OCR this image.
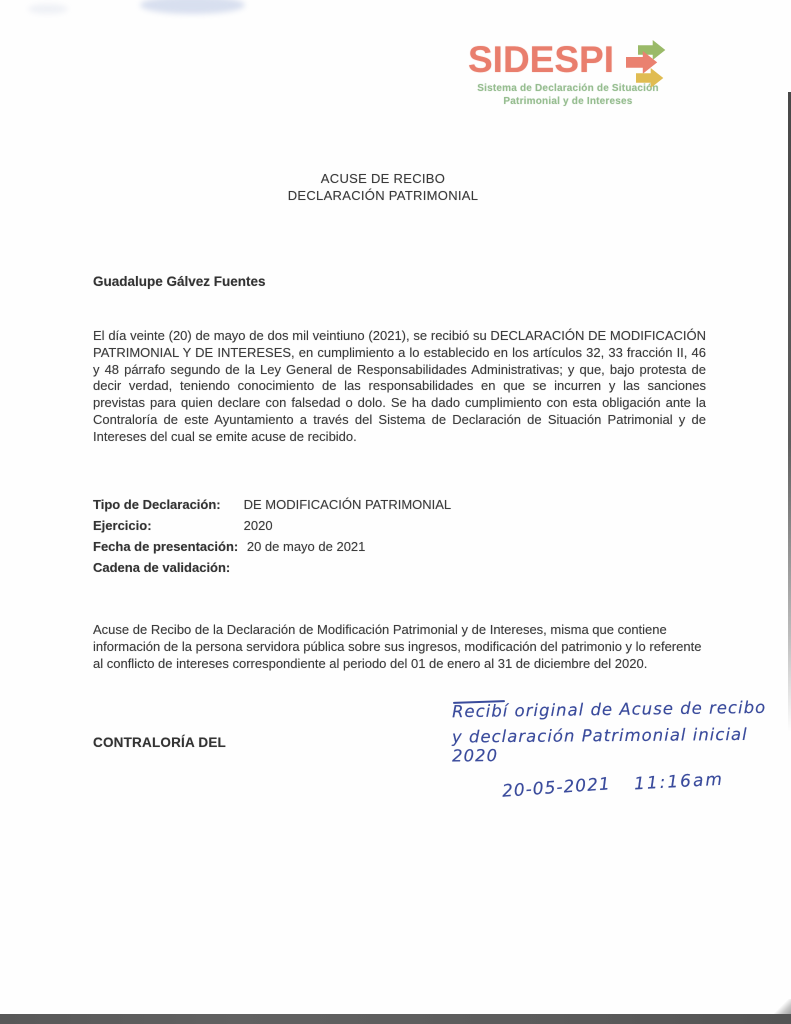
SIDESPI
Sistema de Declaración de Situación
Patrimonial y de Intereses
ACUSE DE RECIBO
DECLARACIÓN PATRIMONIAL
Guadalupe Gálvez Fuentes
El día veinte (20) de mayo de dos mil veintiuno (2021), se recibió su DECLARACIÓN DE MODIFICACIÓN PATRIMONIAL Y DE INTERESES, en cumplimiento a lo establecido en los artículos 32, 33 fracción II, 46 y 48 párrafo segundo de la Ley General de Responsabilidades Administrativas; y que, bajo protesta de decir verdad, teniendo conocimiento de las responsabilidades en que se incurren y las sanciones previstas para quien declare con falsedad o dolo. Se ha dado cumplimiento con esta obligación ante la Contraloría de este Ayuntamiento a través del Sistema de Declaración de Situación Patrimonial y de Intereses del cual se emite acuse de recibido.
Tipo de Declaración: DE MODIFICACIÓN PATRIMONIAL
Ejercicio:	2020
Fecha de presentación: 20 de mayo de 2021
Cadena de validación:
Acuse de Recibo de la Declaración de Modificación Patrimonial y de Intereses, misma que contiene información de la persona servidora pública sobre sus ingresos, modificación del patrimonio y lo referente al conflicto de intereses correspondiente al periodo del 01 de enero al 31 de diciembre del 2020.
CONTRALORÍA DEL
Recibí original de Acuse de recibo
y declaración Patrimonial inicial 2020
20-05-2021 11:16am
